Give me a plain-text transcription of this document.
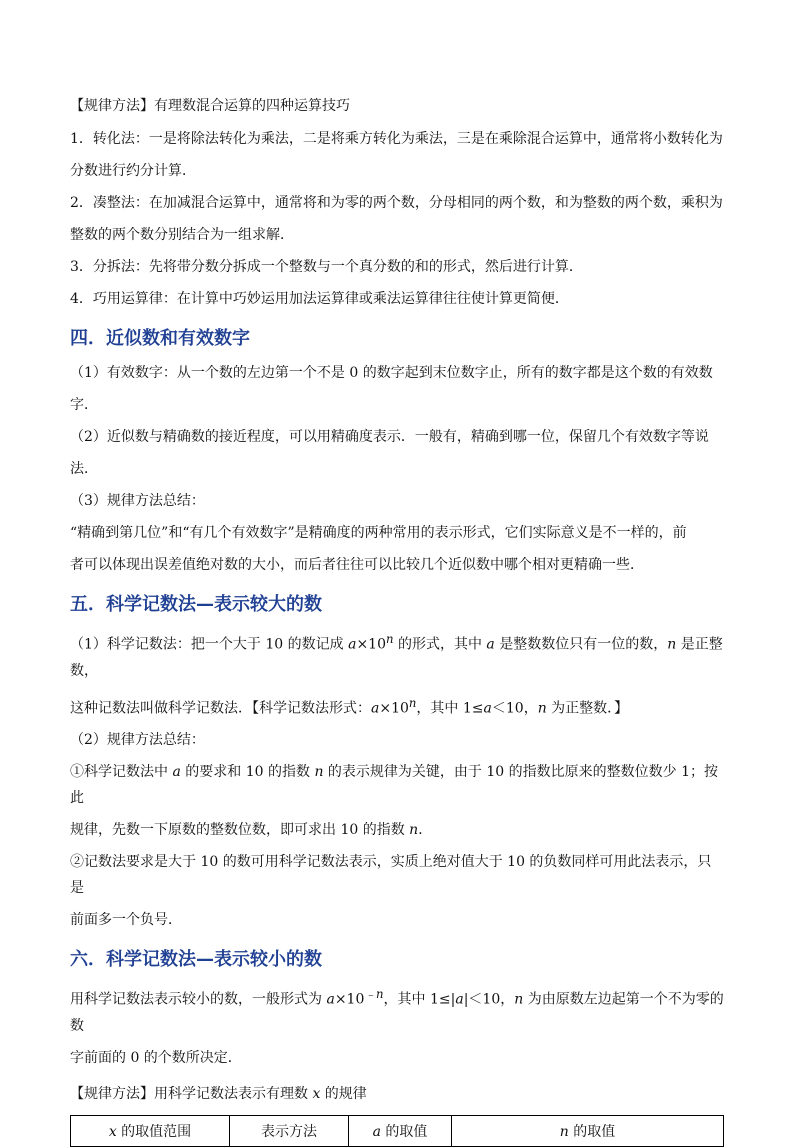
【规律方法】有理数混合运算的四种运算技巧

1．转化法：一是将除法转化为乘法，二是将乘方转化为乘法，三是在乘除混合运算中，通常将小数转化为

分数进行约分计算．

2．凑整法：在加减混合运算中，通常将和为零的两个数，分母相同的两个数，和为整数的两个数，乘积为

整数的两个数分别结合为一组求解．

3．分拆法：先将带分数分拆成一个整数与一个真分数的和的形式，然后进行计算．

4．巧用运算律：在计算中巧妙运用加法运算律或乘法运算律往往使计算更简便．

四．近似数和有效数字

（1）有效数字：从一个数的左边第一个不是 0 的数字起到末位数字止，所有的数字都是这个数的有效数

字．

（2）近似数与精确数的接近程度，可以用精确度表示．一般有，精确到哪一位，保留几个有效数字等说

法．

（3）规律方法总结：

“精确到第几位”和“有几个有效数字”是精确度的两种常用的表示形式，它们实际意义是不一样的，前

者可以体现出误差值绝对数的大小，而后者往往可以比较几个近似数中哪个相对更精确一些．

五．科学记数法—表示较大的数

（1）科学记数法：把一个大于 10 的数记成 $a\times 10^n$ 的形式，其中 a 是整数数位只有一位的数，n 是正整数，

这种记数法叫做科学记数法．【科学记数法形式：$a\times 10^n$，其中 1≤a＜10，n 为正整数．】

（2）规律方法总结：

①科学记数法中 a 的要求和 10 的指数 n 的表示规律为关键，由于 10 的指数比原来的整数位数少 1；按此

规律，先数一下原数的整数位数，即可求出 10 的指数 n．

②记数法要求是大于 10 的数可用科学记数法表示，实质上绝对值大于 10 的负数同样可用此法表示，只是

前面多一个负号．

六．科学记数法—表示较小的数

用科学记数法表示较小的数，一般形式为 $a\times 10^{﹣n}$，其中 1≤|a|＜10，n 为由原数左边起第一个不为零的数

字前面的 0 的个数所决定．

【规律方法】用科学记数法表示有理数 x 的规律

x 的取值范围	表示方法	a 的取值	n 的取值
